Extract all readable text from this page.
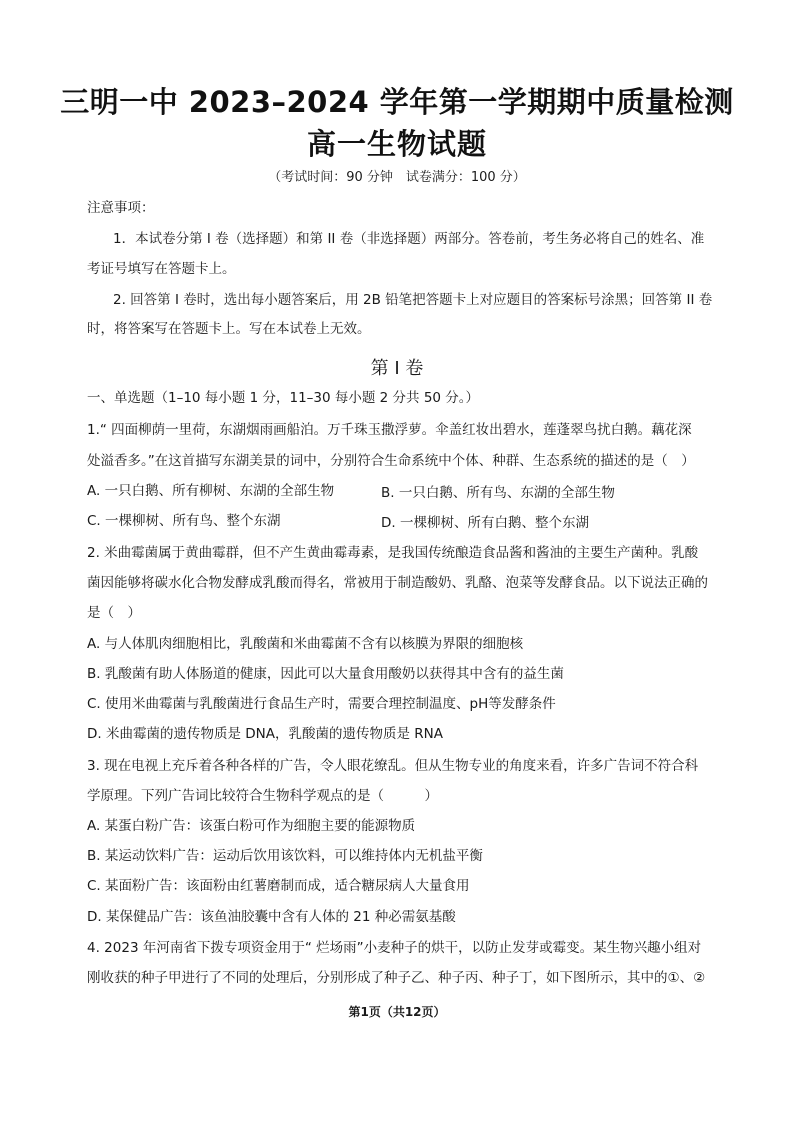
三明一中 2023–2024 学年第一学期期中质量检测
高一生物试题
（考试时间：90 分钟　试卷满分：100 分）
注意事项：
1．本试卷分第 I 卷（选择题）和第 II 卷（非选择题）两部分。答卷前，考生务必将自己的姓名、准
考证号填写在答题卡上。
2. 回答第 I 卷时，选出每小题答案后，用 2B 铅笔把答题卡上对应题目的答案标号涂黑；回答第 II 卷
时，将答案写在答题卡上。写在本试卷上无效。
第 I 卷
一、单选题（1–10 每小题 1 分，11–30 每小题 2 分共 50 分。）
1.“ 四面柳荫一里荷，东湖烟雨画船泊。万千珠玉撒浮萝。伞盖红妆出碧水，莲蓬翠鸟扰白鹅。藕花深
处溢香多。”在这首描写东湖美景的词中，分别符合生命系统中个体、种群、生态系统的描述的是（　）
A. 一只白鹅、所有柳树、东湖的全部生物	B. 一只白鹅、所有鸟、东湖的全部生物
C. 一棵柳树、所有鸟、整个东湖	D. 一棵柳树、所有白鹅、整个东湖
2. 米曲霉菌属于黄曲霉群，但不产生黄曲霉毒素，是我国传统酿造食品酱和酱油的主要生产菌种。乳酸
菌因能够将碳水化合物发酵成乳酸而得名，常被用于制造酸奶、乳酪、泡菜等发酵食品。以下说法正确的
是（　）
A. 与人体肌肉细胞相比，乳酸菌和米曲霉菌不含有以核膜为界限的细胞核
B. 乳酸菌有助人体肠道的健康，因此可以大量食用酸奶以获得其中含有的益生菌
C. 使用米曲霉菌与乳酸菌进行食品生产时，需要合理控制温度、pH等发酵条件
D. 米曲霉菌的遗传物质是 DNA，乳酸菌的遗传物质是 RNA
3. 现在电视上充斥着各种各样的广告，令人眼花缭乱。但从生物专业的角度来看，许多广告词不符合科
学原理。下列广告词比较符合生物科学观点的是（　　　）
A. 某蛋白粉广告：该蛋白粉可作为细胞主要的能源物质
B. 某运动饮料广告：运动后饮用该饮料，可以维持体内无机盐平衡
C. 某面粉广告：该面粉由红薯磨制而成，适合糖尿病人大量食用
D. 某保健品广告：该鱼油胶囊中含有人体的 21 种必需氨基酸
4. 2023 年河南省下拨专项资金用于“ 烂场雨”小麦种子的烘干，以防止发芽或霉变。某生物兴趣小组对
刚收获的种子甲进行了不同的处理后，分别形成了种子乙、种子丙、种子丁，如下图所示，其中的①、②
第1页（共12页）
